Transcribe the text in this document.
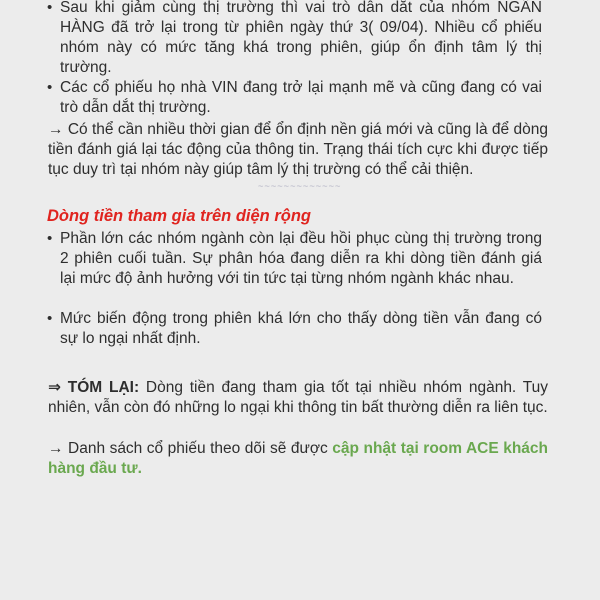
• Sau khi giảm cùng thị trường thì vai trò dẫn dắt của nhóm NGÂN HÀNG đã trở lại trong từ phiên ngày thứ 3( 09/04). Nhiều cổ phiếu nhóm này có mức tăng khá trong phiên, giúp ổn định tâm lý thị trường.
• Các cổ phiếu họ nhà VIN đang trở lại mạnh mẽ và cũng đang có vai trò dẫn dắt thị trường.
→ Có thể cần nhiều thời gian để ổn định nền giá mới và cũng là để dòng tiền đánh giá lại tác động của thông tin. Trạng thái tích cực khi được tiếp tục duy trì tại nhóm này giúp tâm lý thị trường có thể cải thiện.
~~~~~~~~~~~~~
Dòng tiền tham gia trên diện rộng
• Phần lớn các nhóm ngành còn lại đều hồi phục cùng thị trường trong 2 phiên cuối tuần. Sự phân hóa đang diễn ra khi dòng tiền đánh giá lại mức độ ảnh hưởng với tin tức tại từng nhóm ngành khác nhau.
• Mức biến động trong phiên khá lớn cho thấy dòng tiền vẫn đang có sự lo ngại nhất định.
⇒ TÓM LẠI: Dòng tiền đang tham gia tốt tại nhiều nhóm ngành. Tuy nhiên, vẫn còn đó những lo ngại khi thông tin bất thường diễn ra liên tục.
→ Danh sách cổ phiếu theo dõi sẽ được cập nhật tại room ACE khách hàng đầu tư.
